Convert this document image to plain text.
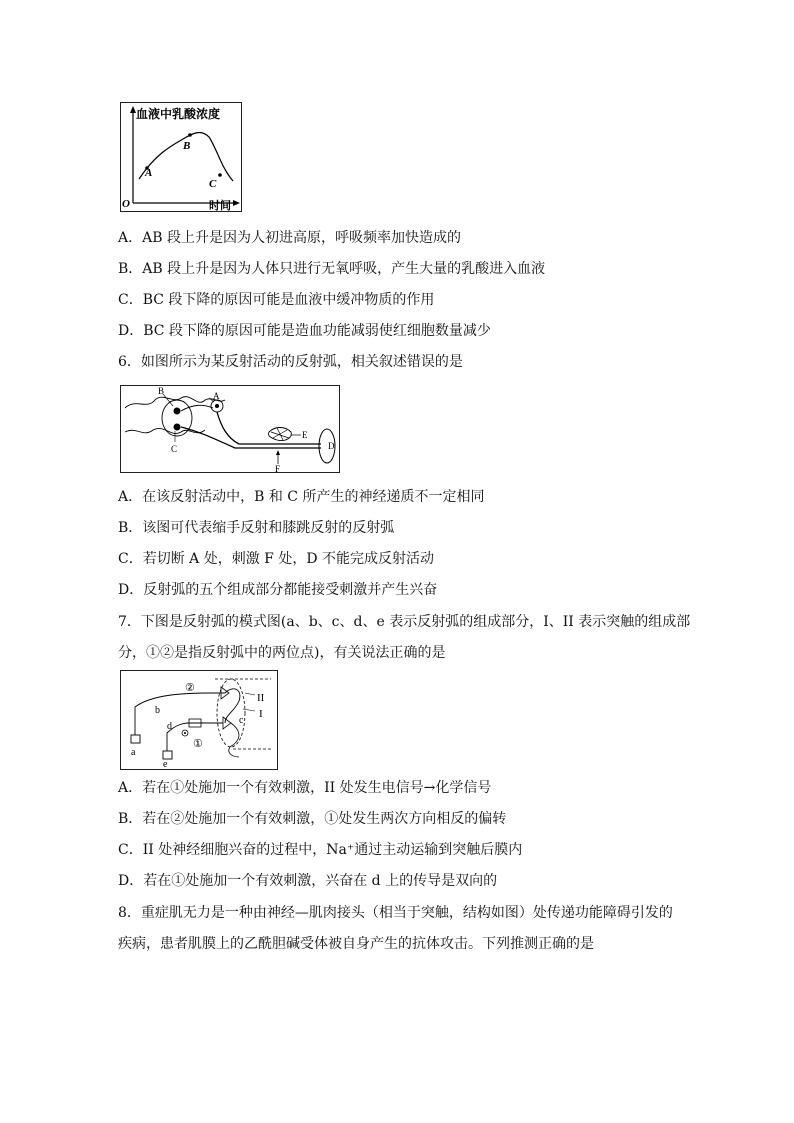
血液中乳酸浓度
时间
O
A
B
C
A．AB 段上升是因为人初进高原，呼吸频率加快造成的
B．AB 段上升是因为人体只进行无氧呼吸，产生大量的乳酸进入血液
C．BC 段下降的原因可能是血液中缓冲物质的作用
D．BC 段下降的原因可能是造血功能减弱使红细胞数量减少
6．如图所示为某反射活动的反射弧，相关叙述错误的是
B	A
C
E
F
D
A．在该反射活动中，B 和 C 所产生的神经递质不一定相同
B．该图可代表缩手反射和膝跳反射的反射弧
C．若切断 A 处，刺激 F 处，D 不能完成反射活动
D．反射弧的五个组成部分都能接受刺激并产生兴奋
7．下图是反射弧的模式图(a、b、c、d、e 表示反射弧的组成部分，I、II 表示突触的组成部
分，①②是指反射弧中的两位点)，有关说法正确的是
a
b
c
d
e
②
①
II
I
A．若在①处施加一个有效刺激，II 处发生电信号→化学信号
B．若在②处施加一个有效刺激，①处发生两次方向相反的偏转
C．II 处神经细胞兴奋的过程中，Na⁺通过主动运输到突触后膜内
D．若在①处施加一个有效刺激，兴奋在 d 上的传导是双向的
8．重症肌无力是一种由神经—肌肉接头（相当于突触，结构如图）处传递功能障碍引发的
疾病，患者肌膜上的乙酰胆碱受体被自身产生的抗体攻击。下列推测正确的是
